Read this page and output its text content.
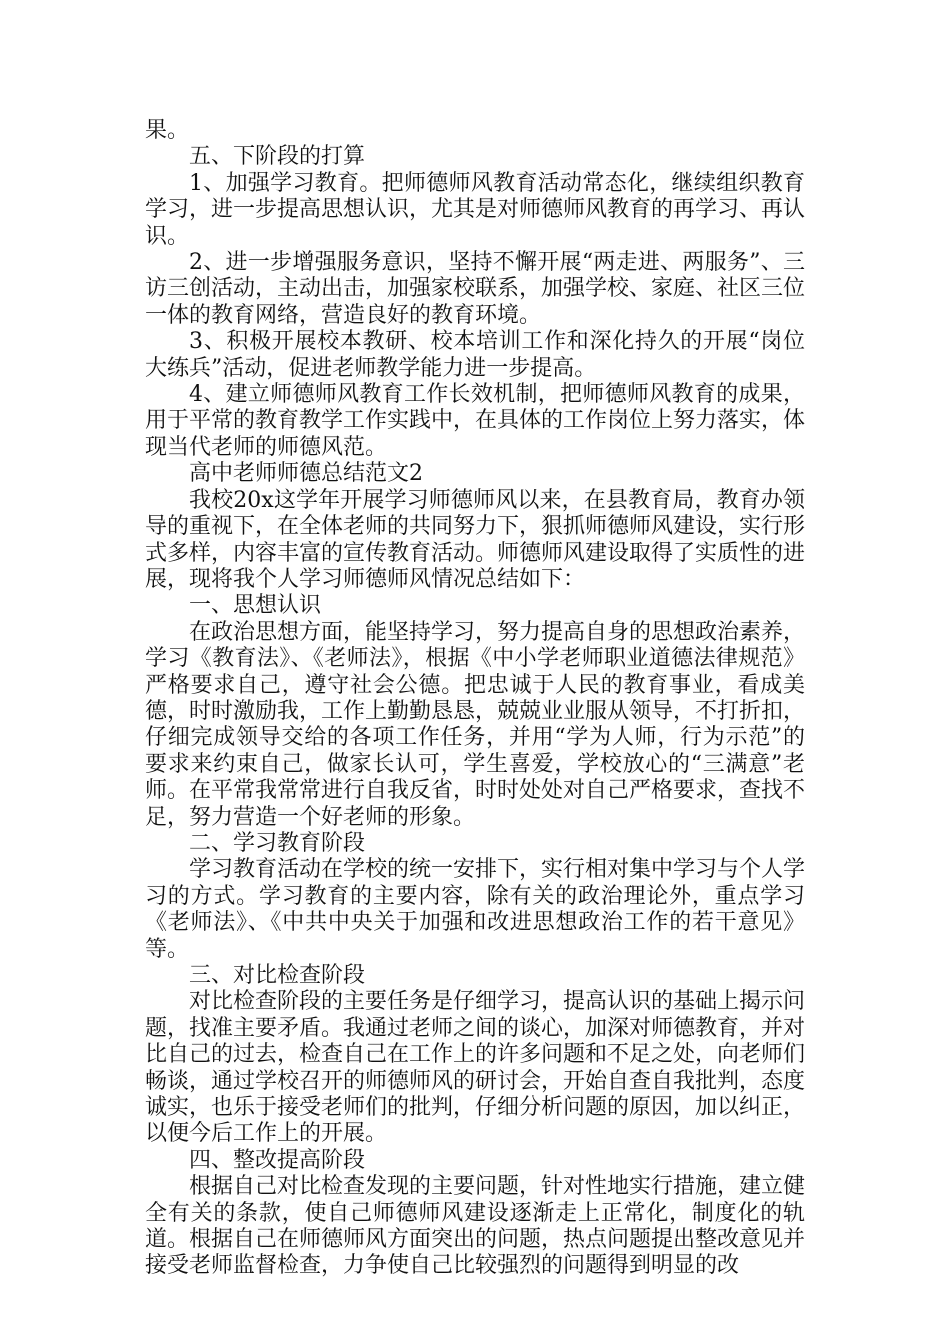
果。

五、下阶段的打算

1、加强学习教育。把师德师风教育活动常态化，继续组织教育学习，进一步提高思想认识，尤其是对师德师风教育的再学习、再认识。

2、进一步增强服务意识，坚持不懈开展“两走进、两服务”、三访三创活动，主动出击，加强家校联系，加强学校、家庭、社区三位一体的教育网络，营造良好的教育环境。

3、积极开展校本教研、校本培训工作和深化持久的开展“岗位大练兵”活动，促进老师教学能力进一步提高。

4、建立师德师风教育工作长效机制，把师德师风教育的成果，用于平常的教育教学工作实践中，在具体的工作岗位上努力落实，体现当代老师的师德风范。

高中老师师德总结范文2

我校20x这学年开展学习师德师风以来，在县教育局，教育办领导的重视下，在全体老师的共同努力下，狠抓师德师风建设，实行形式多样，内容丰富的宣传教育活动。师德师风建设取得了实质性的进展，现将我个人学习师德师风情况总结如下：

一、思想认识

在政治思想方面，能坚持学习，努力提高自身的思想政治素养，学习《教育法》、《老师法》，根据《中小学老师职业道德法律规范》严格要求自己，遵守社会公德。把忠诚于人民的教育事业，看成美德，时时激励我，工作上勤勤恳恳，兢兢业业服从领导，不打折扣，仔细完成领导交给的各项工作任务，并用“学为人师，行为示范”的要求来约束自己，做家长认可，学生喜爱，学校放心的“三满意”老师。在平常我常常进行自我反省，时时处处对自己严格要求，查找不足，努力营造一个好老师的形象。

二、学习教育阶段

学习教育活动在学校的统一安排下，实行相对集中学习与个人学习的方式。学习教育的主要内容，除有关的政治理论外，重点学习《老师法》、《中共中央关于加强和改进思想政治工作的若干意见》等。

三、对比检查阶段

对比检查阶段的主要任务是仔细学习，提高认识的基础上揭示问题，找准主要矛盾。我通过老师之间的谈心，加深对师德教育，并对比自己的过去，检查自己在工作上的许多问题和不足之处，向老师们畅谈，通过学校召开的师德师风的研讨会，开始自查自我批判，态度诚实，也乐于接受老师们的批判，仔细分析问题的原因，加以纠正，以便今后工作上的开展。

四、整改提高阶段

根据自己对比检查发现的主要问题，针对性地实行措施，建立健全有关的条款，使自己师德师风建设逐渐走上正常化，制度化的轨道。根据自己在师德师风方面突出的问题，热点问题提出整改意见并接受老师监督检查，力争使自己比较强烈的问题得到明显的改
